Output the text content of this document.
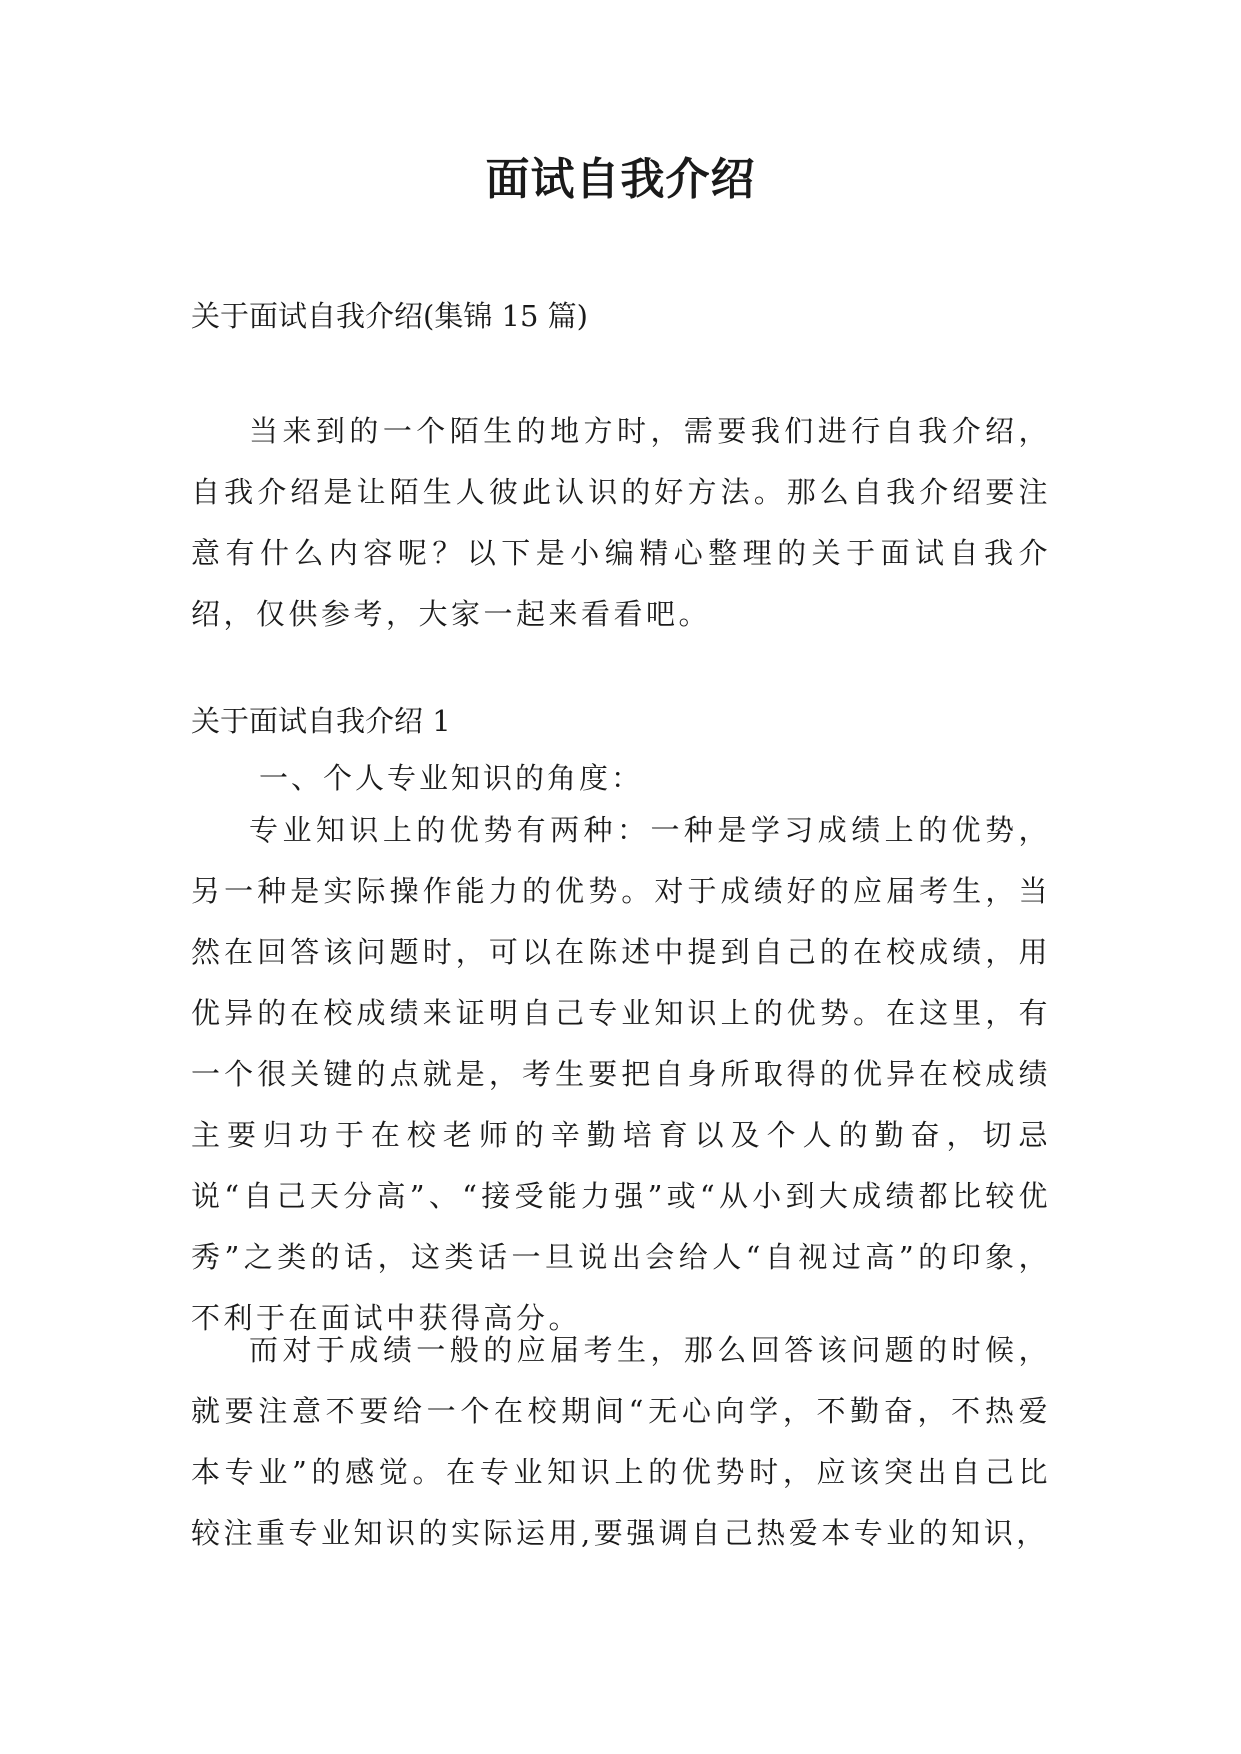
面试自我介绍

关于面试自我介绍(集锦 15 篇)

当来到的一个陌生的地方时，需要我们进行自我介绍，自我介绍是让陌生人彼此认识的好方法。那么自我介绍要注意有什么内容呢？以下是小编精心整理的关于面试自我介绍，仅供参考，大家一起来看看吧。

关于面试自我介绍 1

一、个人专业知识的角度：

专业知识上的优势有两种：一种是学习成绩上的优势，另一种是实际操作能力的优势。对于成绩好的应届考生，当然在回答该问题时，可以在陈述中提到自己的在校成绩，用优异的在校成绩来证明自己专业知识上的优势。在这里，有一个很关键的点就是，考生要把自身所取得的优异在校成绩主要归功于在校老师的辛勤培育以及个人的勤奋，切忌说“自己天分高”、“接受能力强”或“从小到大成绩都比较优秀”之类的话，这类话一旦说出会给人“自视过高”的印象，不利于在面试中获得高分。

而对于成绩一般的应届考生，那么回答该问题的时候，就要注意不要给一个在校期间“无心向学，不勤奋，不热爱本专业”的感觉。在专业知识上的优势时，应该突出自己比较注重专业知识的实际运用,要强调自己热爱本专业的知识，
